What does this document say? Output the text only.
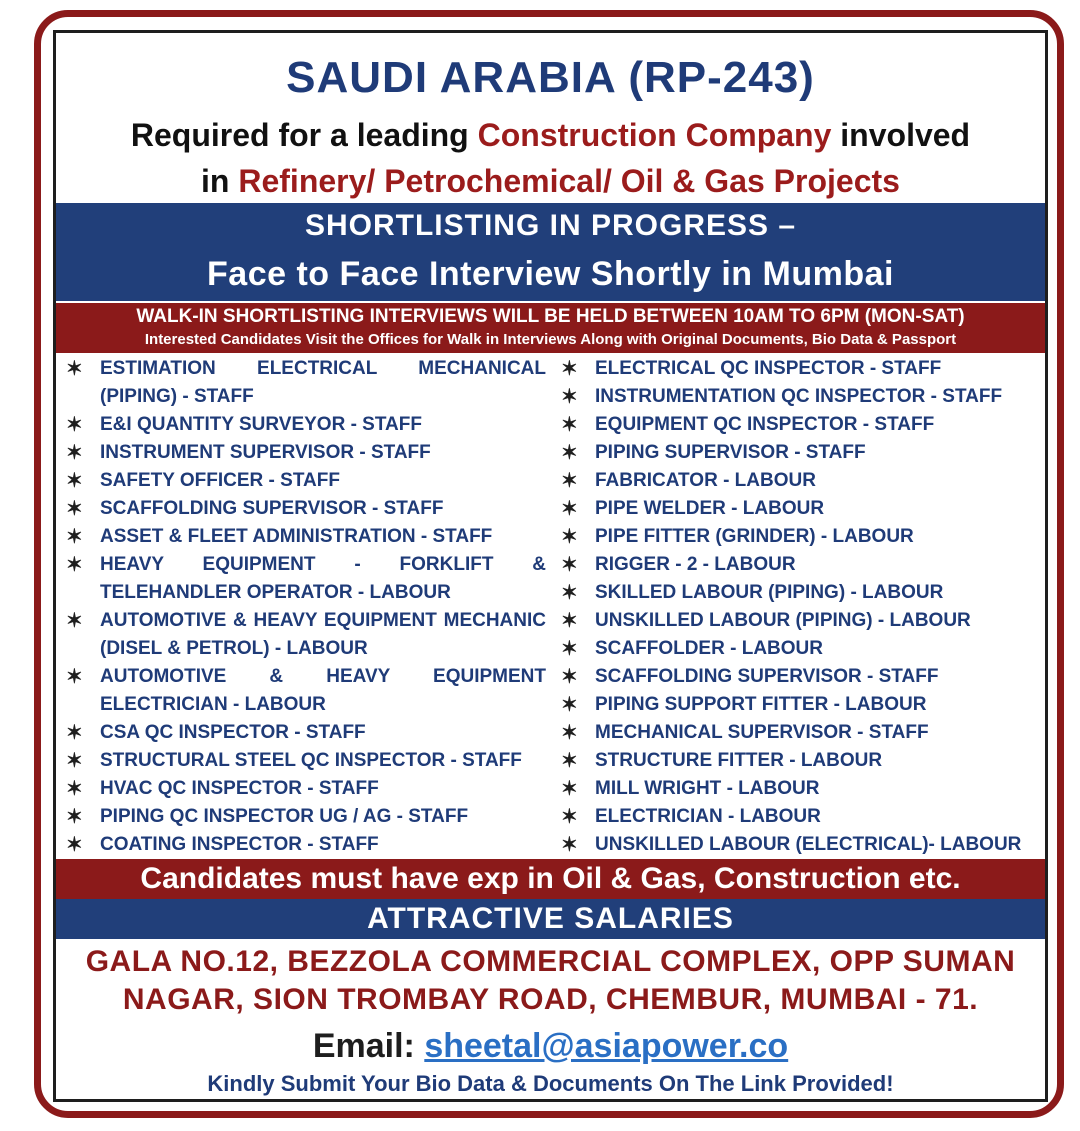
SAUDI ARABIA (RP-243)
Required for a leading Construction Company involved
in Refinery/ Petrochemical/ Oil & Gas Projects
SHORTLISTING IN PROGRESS –
Face to Face Interview Shortly in Mumbai
WALK-IN SHORTLISTING INTERVIEWS WILL BE HELD BETWEEN 10AM TO 6PM (MON-SAT)
Interested Candidates Visit the Offices for Walk in Interviews Along with Original Documents, Bio Data & Passport
✶ ESTIMATION ELECTRICAL MECHANICAL (PIPING) - STAFF
✶ E&I QUANTITY SURVEYOR - STAFF
✶ INSTRUMENT SUPERVISOR - STAFF
✶ SAFETY OFFICER - STAFF
✶ SCAFFOLDING SUPERVISOR - STAFF
✶ ASSET & FLEET ADMINISTRATION - STAFF
✶ HEAVY EQUIPMENT - FORKLIFT & TELEHANDLER OPERATOR - LABOUR
✶ AUTOMOTIVE & HEAVY EQUIPMENT MECHANIC (DISEL & PETROL) - LABOUR
✶ AUTOMOTIVE & HEAVY EQUIPMENT ELECTRICIAN - LABOUR
✶ CSA QC INSPECTOR - STAFF
✶ STRUCTURAL STEEL QC INSPECTOR - STAFF
✶ HVAC QC INSPECTOR - STAFF
✶ PIPING QC INSPECTOR UG / AG - STAFF
✶ COATING INSPECTOR - STAFF
✶ ELECTRICAL QC INSPECTOR - STAFF
✶ INSTRUMENTATION QC INSPECTOR - STAFF
✶ EQUIPMENT QC INSPECTOR - STAFF
✶ PIPING SUPERVISOR - STAFF
✶ FABRICATOR - LABOUR
✶ PIPE WELDER - LABOUR
✶ PIPE FITTER (GRINDER) - LABOUR
✶ RIGGER - 2 - LABOUR
✶ SKILLED LABOUR (PIPING) - LABOUR
✶ UNSKILLED LABOUR (PIPING) - LABOUR
✶ SCAFFOLDER - LABOUR
✶ SCAFFOLDING SUPERVISOR - STAFF
✶ PIPING SUPPORT FITTER - LABOUR
✶ MECHANICAL SUPERVISOR - STAFF
✶ STRUCTURE FITTER - LABOUR
✶ MILL WRIGHT - LABOUR
✶ ELECTRICIAN - LABOUR
✶ UNSKILLED LABOUR (ELECTRICAL)- LABOUR
Candidates must have exp in Oil & Gas, Construction etc.
ATTRACTIVE SALARIES
GALA NO.12, BEZZOLA COMMERCIAL COMPLEX, OPP SUMAN
NAGAR, SION TROMBAY ROAD, CHEMBUR, MUMBAI - 71.
Email: sheetal@asiapower.co
Kindly Submit Your Bio Data & Documents On The Link Provided!
